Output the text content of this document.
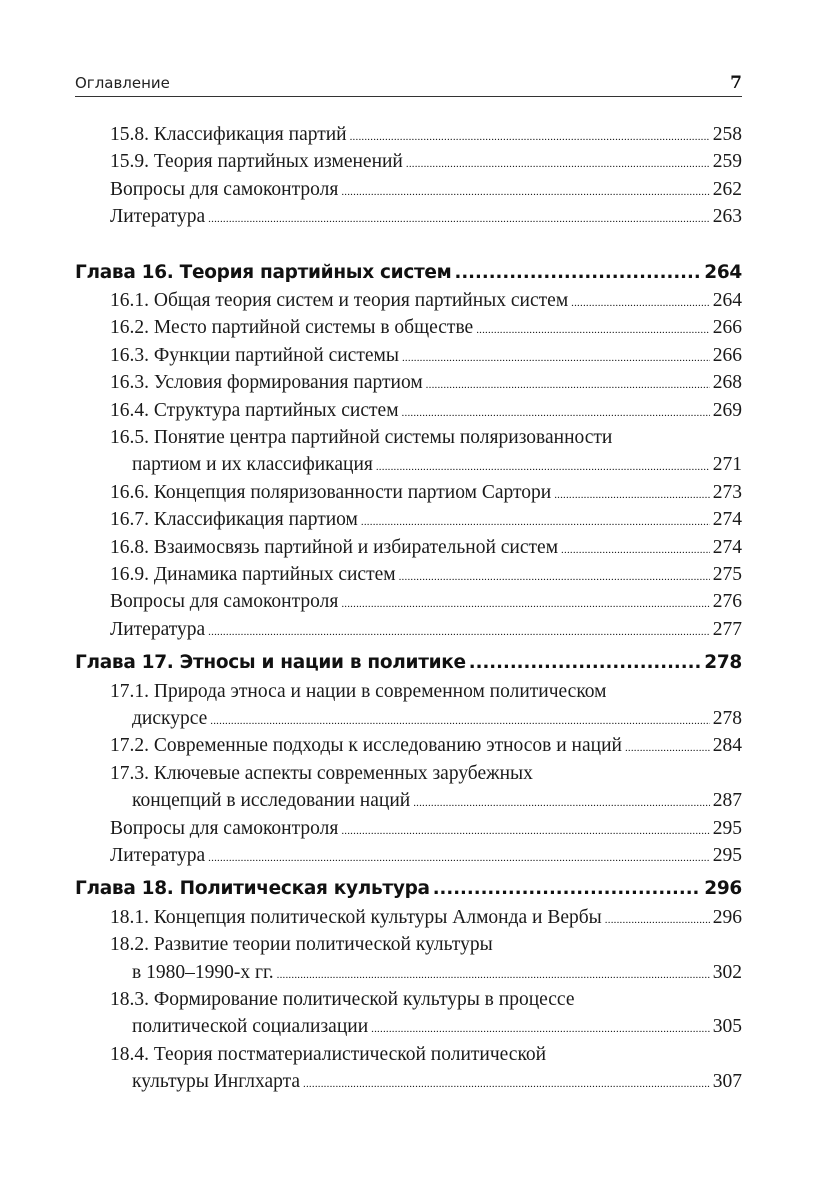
Оглавление	7
15.8. Классификация партий .....	258
15.9. Теория партийных изменений .....	259
Вопросы для самоконтроля .....	262
Литература .....	263
Глава 16. Теория партийных систем .....	264
16.1. Общая теория систем и теория партийных систем .....	264
16.2. Место партийной системы в обществе .....	266
16.3. Функции партийной системы .....	266
16.3. Условия формирования партиом .....	268
16.4. Структура партийных систем .....	269
16.5. Понятие центра партийной системы поляризованности
партиом и их классификация .....	271
16.6. Концепция поляризованности партиом Сартори .....	273
16.7. Классификация партиом .....	274
16.8. Взаимосвязь партийной и избирательной систем .....	274
16.9. Динамика партийных систем .....	275
Вопросы для самоконтроля .....	276
Литература .....	277
Глава 17. Этносы и нации в политике .....	278
17.1. Природа этноса и нации в современном политическом
дискурсе .....	278
17.2. Современные подходы к исследованию этносов и наций .....	284
17.3. Ключевые аспекты современных зарубежных
концепций в исследовании наций .....	287
Вопросы для самоконтроля .....	295
Литература .....	295
Глава 18. Политическая культура .....	296
18.1. Концепция политической культуры Алмонда и Вербы .....	296
18.2. Развитие теории политической культуры
в 1980–1990-х гг. .....	302
18.3. Формирование политической культуры в процессе
политической социализации .....	305
18.4. Теория постматериалистической политической
культуры Инглхарта .....	307
